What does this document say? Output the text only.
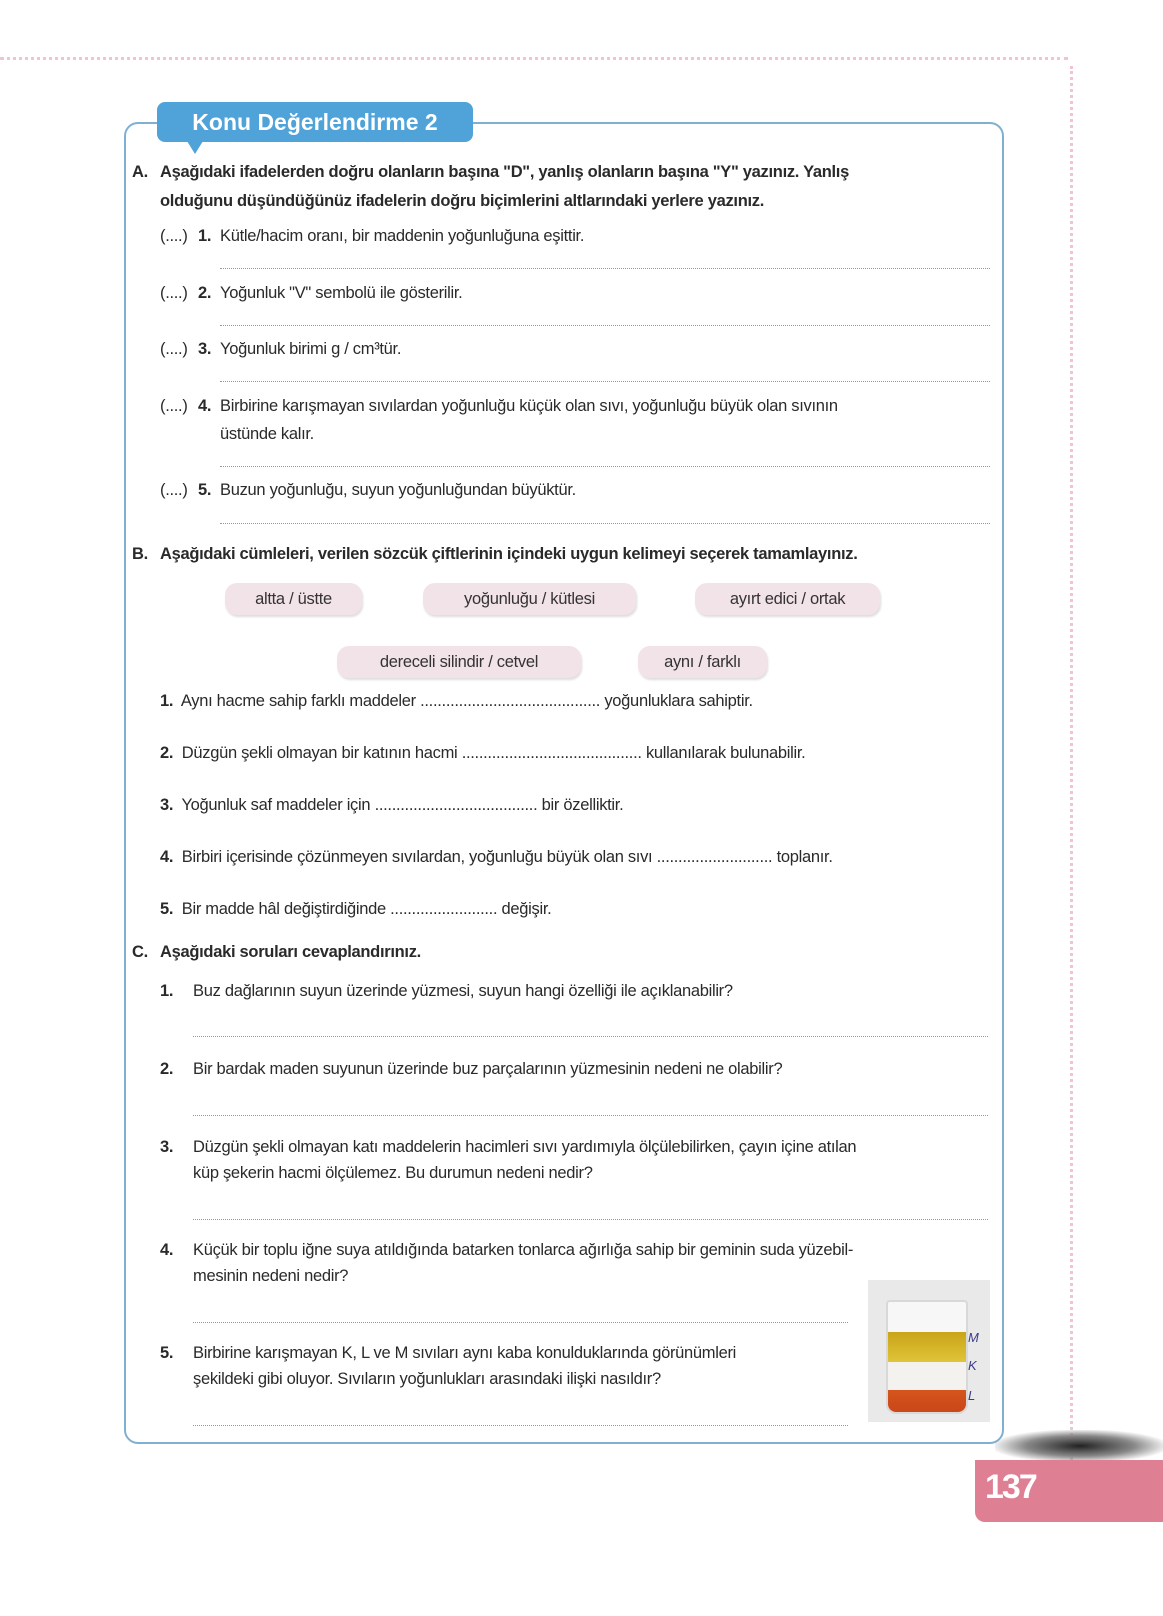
Konu Değerlendirme 2
A. Aşağıdaki ifadelerden doğru olanların başına "D", yanlış olanların başına "Y" yazınız. Yanlış
olduğunu düşündüğünüz ifadelerin doğru biçimlerini altlarındaki yerlere yazınız.
(....) 1. Kütle/hacim oranı, bir maddenin yoğunluğuna eşittir.
(....) 2. Yoğunluk "V" sembolü ile gösterilir.
(....) 3. Yoğunluk birimi g / cm³tür.
(....) 4. Birbirine karışmayan sıvılardan yoğunluğu küçük olan sıvı, yoğunluğu büyük olan sıvının
üstünde kalır.
(....) 5. Buzun yoğunluğu, suyun yoğunluğundan büyüktür.
B. Aşağıdaki cümleleri, verilen sözcük çiftlerinin içindeki uygun kelimeyi seçerek tamamlayınız.
altta / üstte	yoğunluğu / kütlesi	ayırt edici / ortak
dereceli silindir / cetvel	aynı / farklı
1. Aynı hacme sahip farklı maddeler .......................................... yoğunluklara sahiptir.
2. Düzgün şekli olmayan bir katının hacmi .......................................... kullanılarak bulunabilir.
3. Yoğunluk saf maddeler için ...................................... bir özelliktir.
4. Birbiri içerisinde çözünmeyen sıvılardan, yoğunluğu büyük olan sıvı ........................... toplanır.
5. Bir madde hâl değiştirdiğinde ......................... değişir.
C. Aşağıdaki soruları cevaplandırınız.
1. Buz dağlarının suyun üzerinde yüzmesi, suyun hangi özelliği ile açıklanabilir?
2. Bir bardak maden suyunun üzerinde buz parçalarının yüzmesinin nedeni ne olabilir?
3. Düzgün şekli olmayan katı maddelerin hacimleri sıvı yardımıyla ölçülebilirken, çayın içine atılan
küp şekerin hacmi ölçülemez. Bu durumun nedeni nedir?
4. Küçük bir toplu iğne suya atıldığında batarken tonlarca ağırlığa sahip bir geminin suda yüzebil-
mesinin nedeni nedir?
5. Birbirine karışmayan K, L ve M sıvıları aynı kaba konulduklarında görünümleri
şekildeki gibi oluyor. Sıvıların yoğunlukları arasındaki ilişki nasıldır?
M
K
L
137
